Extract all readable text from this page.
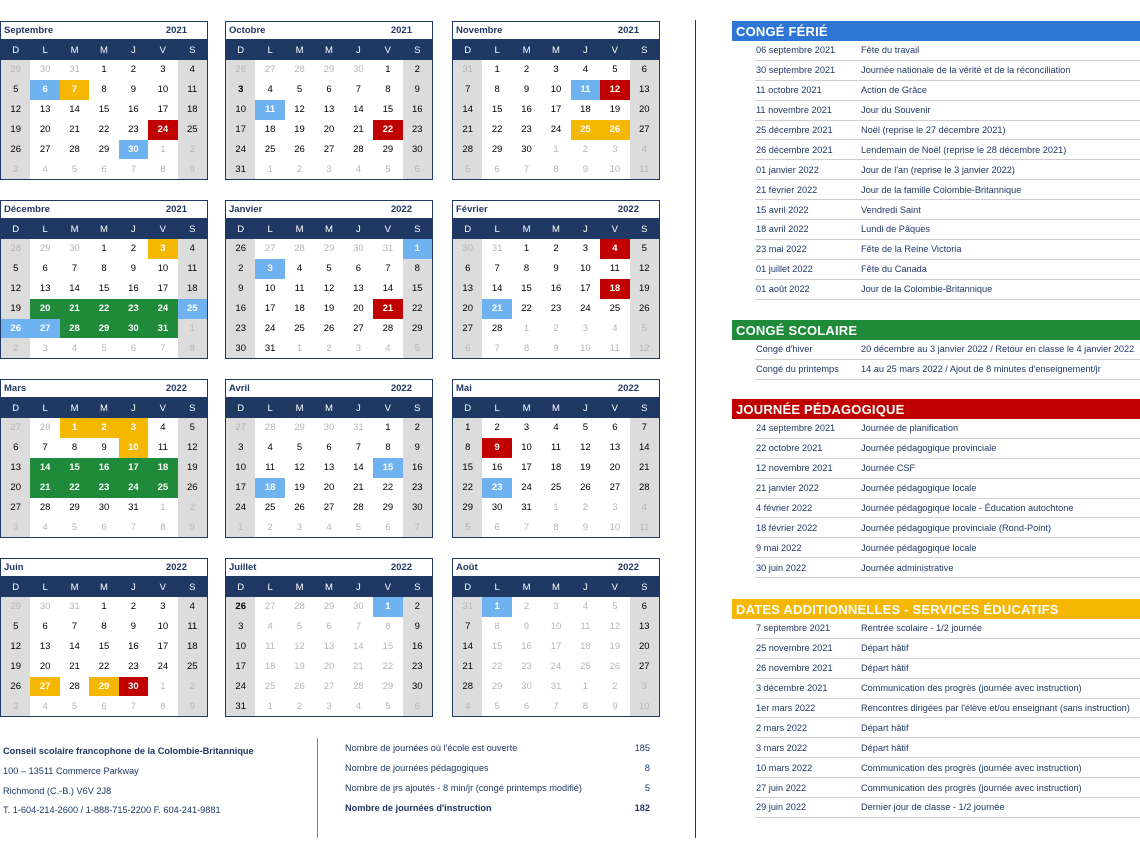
Septembre	2021
D	L	M	M	J	V	S
29	30	31	1	2	3	4
5	6	7	8	9	10	11
12	13	14	15	16	17	18
19	20	21	22	23	24	25
26	27	28	29	30	1	2
3	4	5	6	7	8	9
Octobre	2021
D	L	M	M	J	V	S
26	27	28	29	30	1	2
3	4	5	6	7	8	9
10	11	12	13	14	15	16
17	18	19	20	21	22	23
24	25	26	27	28	29	30
31	1	2	3	4	5	6
Novembre	2021
D	L	M	M	J	V	S
31	1	2	3	4	5	6
7	8	9	10	11	12	13
14	15	16	17	18	19	20
21	22	23	24	25	26	27
28	29	30	1	2	3	4
5	6	7	8	9	10	11
Décembre	2021
D	L	M	M	J	V	S
28	29	30	1	2	3	4
5	6	7	8	9	10	11
12	13	14	15	16	17	18
19	20	21	22	23	24	25
26	27	28	29	30	31	1
2	3	4	5	6	7	8
Janvier	2022
D	L	M	M	J	V	S
26	27	28	29	30	31	1
2	3	4	5	6	7	8
9	10	11	12	13	14	15
16	17	18	19	20	21	22
23	24	25	26	27	28	29
30	31	1	2	3	4	5
Février	2022
D	L	M	M	J	V	S
30	31	1	2	3	4	5
6	7	8	9	10	11	12
13	14	15	16	17	18	19
20	21	22	23	24	25	26
27	28	1	2	3	4	5
6	7	8	9	10	11	12
Mars	2022
D	L	M	M	J	V	S
27	28	1	2	3	4	5
6	7	8	9	10	11	12
13	14	15	16	17	18	19
20	21	22	23	24	25	26
27	28	29	30	31	1	2
3	4	5	6	7	8	9
Avril	2022
D	L	M	M	J	V	S
27	28	29	30	31	1	2
3	4	5	6	7	8	9
10	11	12	13	14	15	16
17	18	19	20	21	22	23
24	25	26	27	28	29	30
1	2	3	4	5	6	7
Mai	2022
D	L	M	M	J	V	S
1	2	3	4	5	6	7
8	9	10	11	12	13	14
15	16	17	18	19	20	21
22	23	24	25	26	27	28
29	30	31	1	2	3	4
5	6	7	8	9	10	11
Juin	2022
D	L	M	M	J	V	S
29	30	31	1	2	3	4
5	6	7	8	9	10	11
12	13	14	15	16	17	18
19	20	21	22	23	24	25
26	27	28	29	30	1	2
3	4	5	6	7	8	9
Juillet	2022
D	L	M	M	J	V	S
26	27	28	29	30	1	2
3	4	5	6	7	8	9
10	11	12	13	14	15	16
17	18	19	20	21	22	23
24	25	26	27	28	29	30
31	1	2	3	4	5	6
Août	2022
D	L	M	M	J	V	S
31	1	2	3	4	5	6
7	8	9	10	11	12	13
14	15	16	17	18	19	20
21	22	23	24	25	26	27
28	29	30	31	1	2	3
4	5	6	7	8	9	10
CONGÉ FÉRIÉ
06 septembre 2021	Fête du travail
30 septembre 2021	Journée nationale de la vérité et de la réconciliation
11 octobre 2021	Action de Grâce
11 novembre 2021	Jour du Souvenir
25 décembre 2021	Noël (reprise le 27 décembre 2021)
26 décembre 2021	Lendemain de Noël (reprise le 28 décembre 2021)
01 janvier 2022	Jour de l'an (reprise le 3 janvier 2022)
21 février 2022	Jour de la famille Colombie-Britannique
15 avril 2022	Vendredi Saint
18 avril 2022	Lundi de Pâques
23 mai 2022	Fête de la Reine Victoria
01 juillet 2022	Fête du Canada
01 août 2022	Jour de la Colombie-Britannique
CONGÉ SCOLAIRE
Congé d'hiver	20 décembre au 3 janvier 2022 / Retour en classe le 4 janvier 2022
Congé du printemps	14 au 25 mars 2022 / Ajout de 8 minutes d'enseignement/jr
JOURNÉE PÉDAGOGIQUE
24 septembre 2021	Journée de planification
22 octobre 2021	Journée pédagogique provinciale
12 novembre 2021	Journée CSF
21 janvier 2022	Journée pédagogique locale
4 février 2022	Journée pédagogique locale - Éducation autochtone
18 février 2022	Journée pédagogique provinciale (Rond-Point)
9 mai 2022	Journée pédagogique locale
30 juin 2022	Journée administrative
DATES ADDITIONNELLES - SERVICES ÉDUCATIFS
7 septembre 2021	Rentrée scolaire - 1/2 journée
25 novembre 2021	Départ hâtif
26 novembre 2021	Départ hâtif
3 décembre 2021	Communication des progrès (journée avec instruction)
1er mars 2022	Rencontres dirigées par l'élève et/ou enseignant (sans instruction)
2 mars 2022	Départ hâtif
3 mars 2022	Départ hâtif
10 mars 2022	Communication des progrès (journée avec instruction)
27 juin 2022	Communication des progrès (journée avec instruction)
29 juin 2022	Dernier jour de classe - 1/2 journée
Conseil scolaire francophone de la Colombie-Britannique
100 – 13511 Commerce Parkway
Richmond (C.-B.) V6V 2J8
T. 1-604-214-2600 / 1-888-715-2200 F. 604-241-9881
Nombre de journées où l'école est ouverte	185
Nombre de journées pédagogiques	8
Nombre de jrs ajoutés - 8 min/jr (congé printemps modifié)	5
Nombre de journées d'instruction	182
